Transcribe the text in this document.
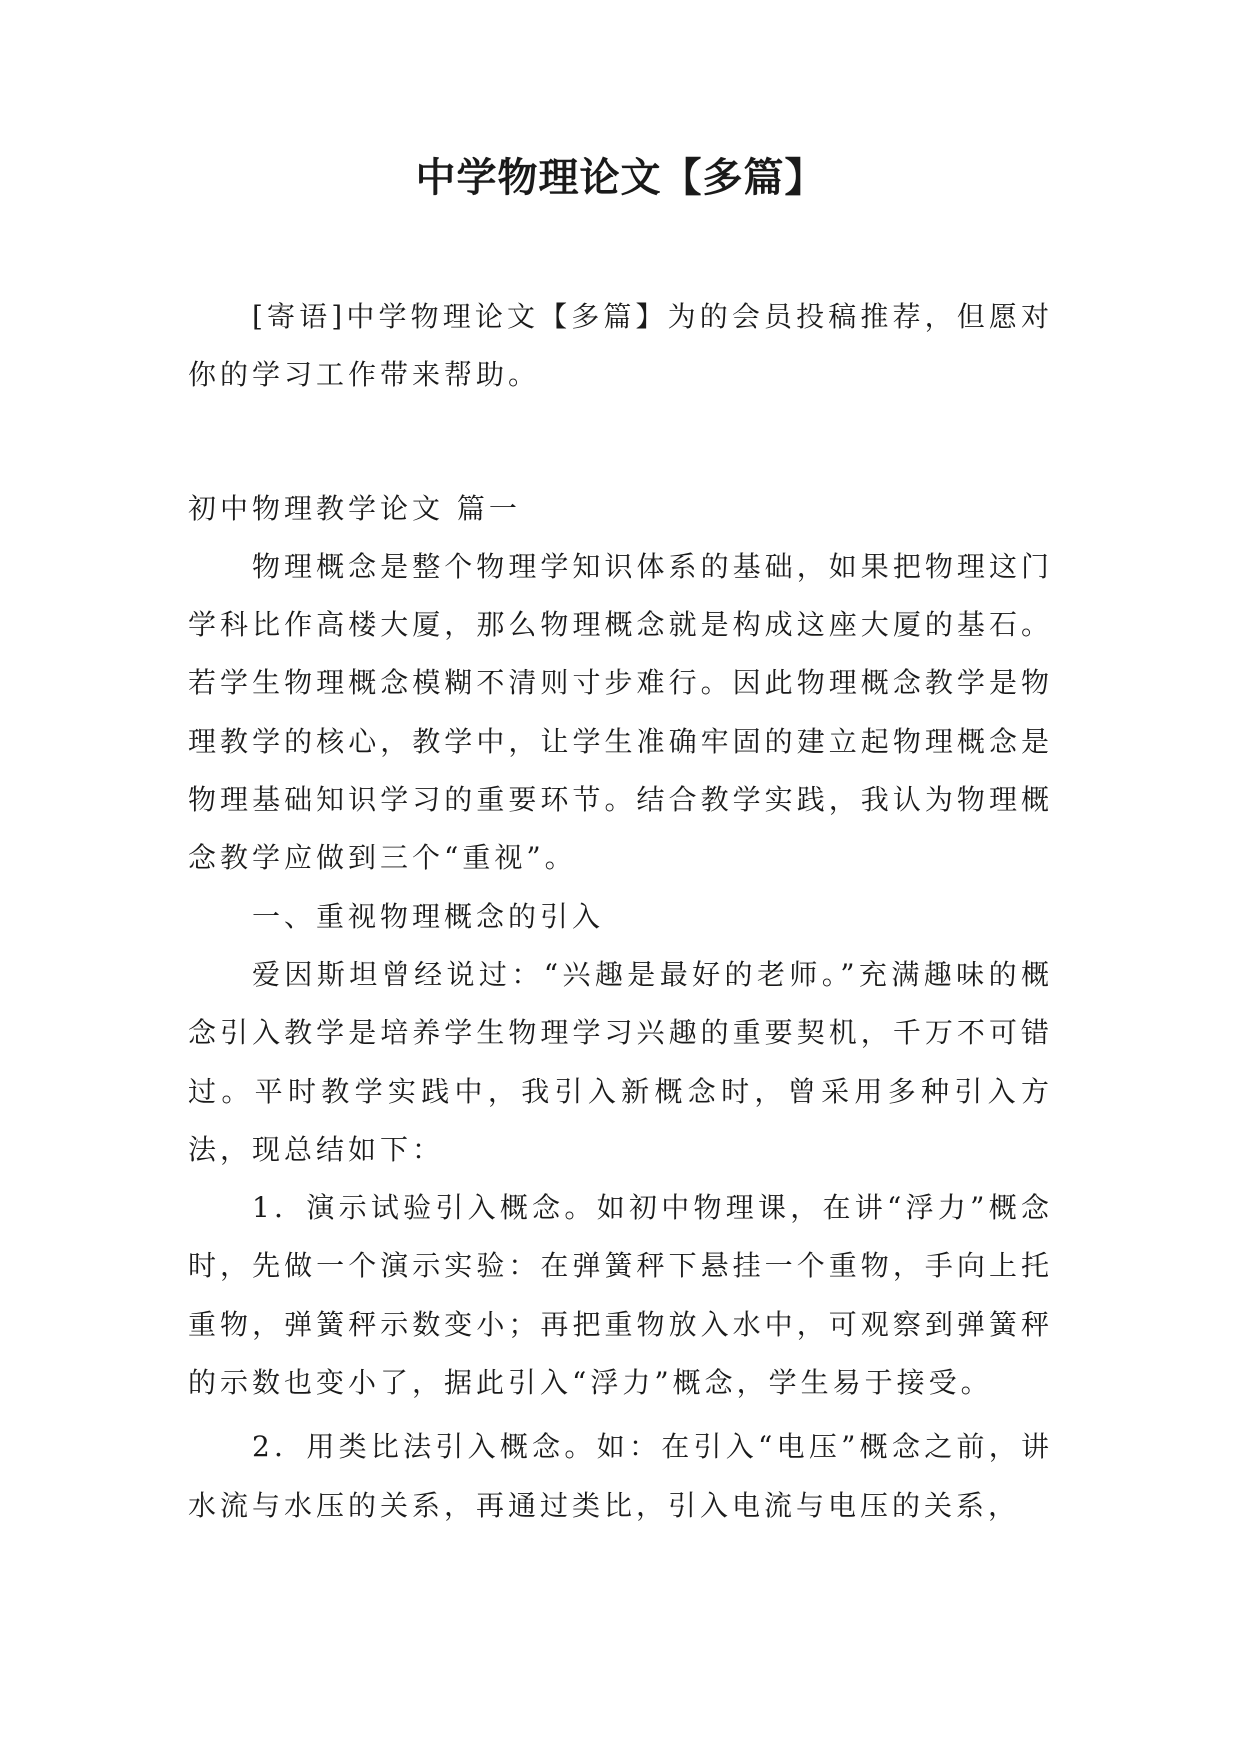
中学物理论文【多篇】

[寄语]中学物理论文【多篇】为的会员投稿推荐，但愿对你的学习工作带来帮助。

初中物理教学论文 篇一

物理概念是整个物理学知识体系的基础，如果把物理这门学科比作高楼大厦，那么物理概念就是构成这座大厦的基石。若学生物理概念模糊不清则寸步难行。因此物理概念教学是物理教学的核心，教学中，让学生准确牢固的建立起物理概念是物理基础知识学习的重要环节。结合教学实践，我认为物理概念教学应做到三个“重视”。

一、重视物理概念的引入

爱因斯坦曾经说过：“兴趣是最好的老师。”充满趣味的概念引入教学是培养学生物理学习兴趣的重要契机，千万不可错过。平时教学实践中，我引入新概念时，曾采用多种引入方法，现总结如下：

1．演示试验引入概念。如初中物理课，在讲“浮力”概念时，先做一个演示实验：在弹簧秤下悬挂一个重物，手向上托重物，弹簧秤示数变小；再把重物放入水中，可观察到弹簧秤的示数也变小了，据此引入“浮力”概念，学生易于接受。

2．用类比法引入概念。如：在引入“电压”概念之前，讲水流与水压的关系，再通过类比，引入电流与电压的关系，
